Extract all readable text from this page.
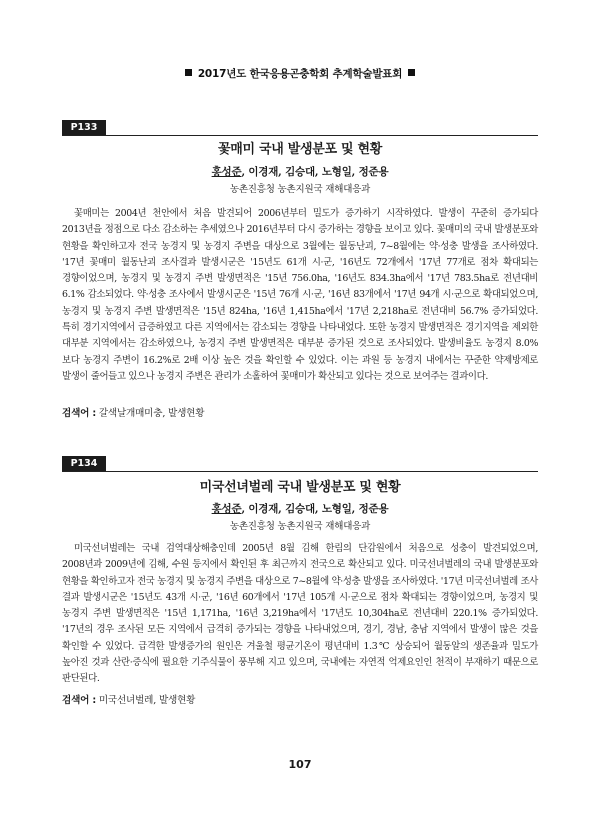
2017년도 한국응용곤충학회 추계학술발표회
P133
꽃매미 국내 발생분포 및 현황
홍성준, 이경재, 김승대, 노형일, 정준용
농촌진흥청 농촌지원국 재해대응과
꽃매미는 2004년 천안에서 처음 발견되어 2006년부터 밀도가 증가하기 시작하였다. 발생이 꾸준히 증가되다 2013년을 정점으로 다소 감소하는 추세였으나 2016년부터 다시 증가하는 경향을 보이고 있다. 꽃매미의 국내 발생분포와 현황을 확인하고자 전국 농경지 및 농경지 주변을 대상으로 3월에는 월동난괴, 7~8월에는 약·성충 발생을 조사하였다. '17년 꽃매미 월동난괴 조사결과 발생시군은 '15년도 61개 시·군, '16년도 72개에서 '17년 77개로 점차 확대되는 경향이었으며, 농경지 및 농경지 주변 발생면적은 '15년 756.0ha, '16년도 834.3ha에서 '17년 783.5ha로 전년대비 6.1% 감소되었다. 약·성충 조사에서 발생시군은 '15년 76개 시·군, '16년 83개에서 '17년 94개 시·군으로 확대되었으며, 농경지 및 농경지 주변 발생면적은 '15년 824ha, '16년 1,415ha에서 '17년 2,218ha로 전년대비 56.7% 증가되었다. 특히 경기지역에서 급증하였고 다른 지역에서는 감소되는 경향을 나타내었다. 또한 농경지 발생면적은 경기지역을 제외한 대부분 지역에서는 감소하였으나, 농경지 주변 발생면적은 대부분 증가된 것으로 조사되었다. 발생비율도 농경지 8.0%보다 농경지 주변이 16.2%로 2배 이상 높은 것을 확인할 수 있었다. 이는 과원 등 농경지 내에서는 꾸준한 약제방제로 발생이 줄어들고 있으나 농경지 주변은 관리가 소홀하여 꽃매미가 확산되고 있다는 것으로 보여주는 결과이다.
검색어 : 갈색날개매미충, 발생현황
P134
미국선녀벌레 국내 발생분포 및 현황
홍성준, 이경재, 김승대, 노형일, 정준용
농촌진흥청 농촌지원국 재해대응과
미국선녀벌레는 국내 검역대상해충인데 2005년 8월 김해 한림의 단감원에서 처음으로 성충이 발견되었으며, 2008년과 2009년에 김해, 수원 등지에서 확인된 후 최근까지 전국으로 확산되고 있다. 미국선녀벌레의 국내 발생분포와 현황을 확인하고자 전국 농경지 및 농경지 주변을 대상으로 7~8월에 약·성충 발생을 조사하였다. '17년 미국선녀벌레 조사 결과 발생시군은 '15년도 43개 시·군, '16년 60개에서 '17년 105개 시·군으로 점차 확대되는 경향이었으며, 농경지 및 농경지 주변 발생면적은 '15년 1,171ha, '16년 3,219ha에서 '17년도 10,304ha로 전년대비 220.1% 증가되었다. '17년의 경우 조사된 모든 지역에서 급격히 증가되는 경향을 나타내었으며, 경기, 경남, 충남 지역에서 발생이 많은 것을 확인할 수 있었다. 급격한 발생증가의 원인은 겨울철 평균기온이 평년대비 1.3℃ 상승되어 월동알의 생존율과 밀도가 높아진 것과 산란·증식에 필요한 기주식물이 풍부해 지고 있으며, 국내에는 자연적 억제요인인 천적이 부재하기 때문으로 판단된다.
검색어 : 미국선녀벌레, 발생현황
107
